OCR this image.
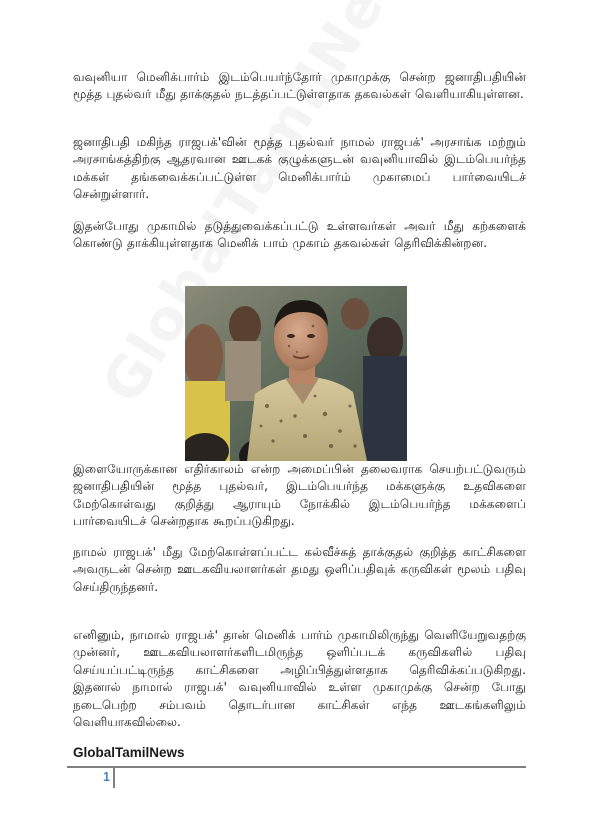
வவுனியா மெனிக்பார்ம் இடம்பெயர்ந்தோர் முகாமுக்கு சென்ற ஜனாதிபதியின் மூத்த புதல்வர் மீது தாக்குதல் நடத்தப்பட்டுள்ளதாக தகவல்கள் வெளியாகியுள்ளன.

ஜனாதிபதி மகிந்த ராஜபக்'வின் மூத்த புதல்வர் நாமல் ராஜபக்' அரசாங்க மற்றும் அரசாங்கத்திற்கு ஆதரவான ஊடகக் குழுக்களுடன் வவுனியாவில் இடம்பெயர்ந்த மக்கள் தங்கவைக்கப்பட்டுள்ள மெனிக்பார்ம் முகாமைப் பார்வையிடச் சென்றுள்ளார்.

இதன்போது முகாமில் தடுத்துவைக்கப்பட்டு உள்ளவர்கள் அவர் மீது கற்களைக் கொண்டு தாக்கியுள்ளதாக மெனிக் பாம் முகாம் தகவல்கள் தெரிவிக்கின்றன.

இளையோருக்கான எதிர்காலம் என்ற அமைப்பின் தலைவராக செயற்பட்டுவரும் ஜனாதிபதியின் மூத்த புதல்வர், இடம்பெயர்ந்த மக்களுக்கு உதவிகளை மேற்கொள்வது குறித்து ஆராயும் நோக்கில் இடம்பெயர்ந்த மக்களைப் பார்வையிடச் சென்றதாக கூறப்படுகிறது.

நாமல் ராஜபக்' மீது மேற்கொள்ளப்பட்ட கல்வீச்சுத் தாக்குதல் குறித்த காட்சிகளை அவருடன் சென்ற ஊடகவியலாளர்கள் தமது ஒளிப்பதிவுக் கருவிகள் மூலம் பதிவு செய்திருந்தனர்.

எனினும், நாமால் ராஜபக்' தான் மெனிக் பார்ம் முகாமிலிருந்து வெளியேறுவதற்கு முன்னர், ஊடகவியலாளர்களிடமிருந்த ஒளிப்படக் கருவிகளில் பதிவு செய்யப்பட்டிருந்த காட்சிகளை அழிப்பித்துள்ளதாக தெரிவிக்கப்படுகிறது. இதனால் நாமால் ராஜபக்' வவுனியாவில் உள்ள முகாமுக்கு சென்ற போது நடைபெற்ற சம்பவம் தொடர்பான காட்சிகள் எந்த ஊடகங்களிலும் வெளியாகவில்லை.

GlobalTamilNews
1
